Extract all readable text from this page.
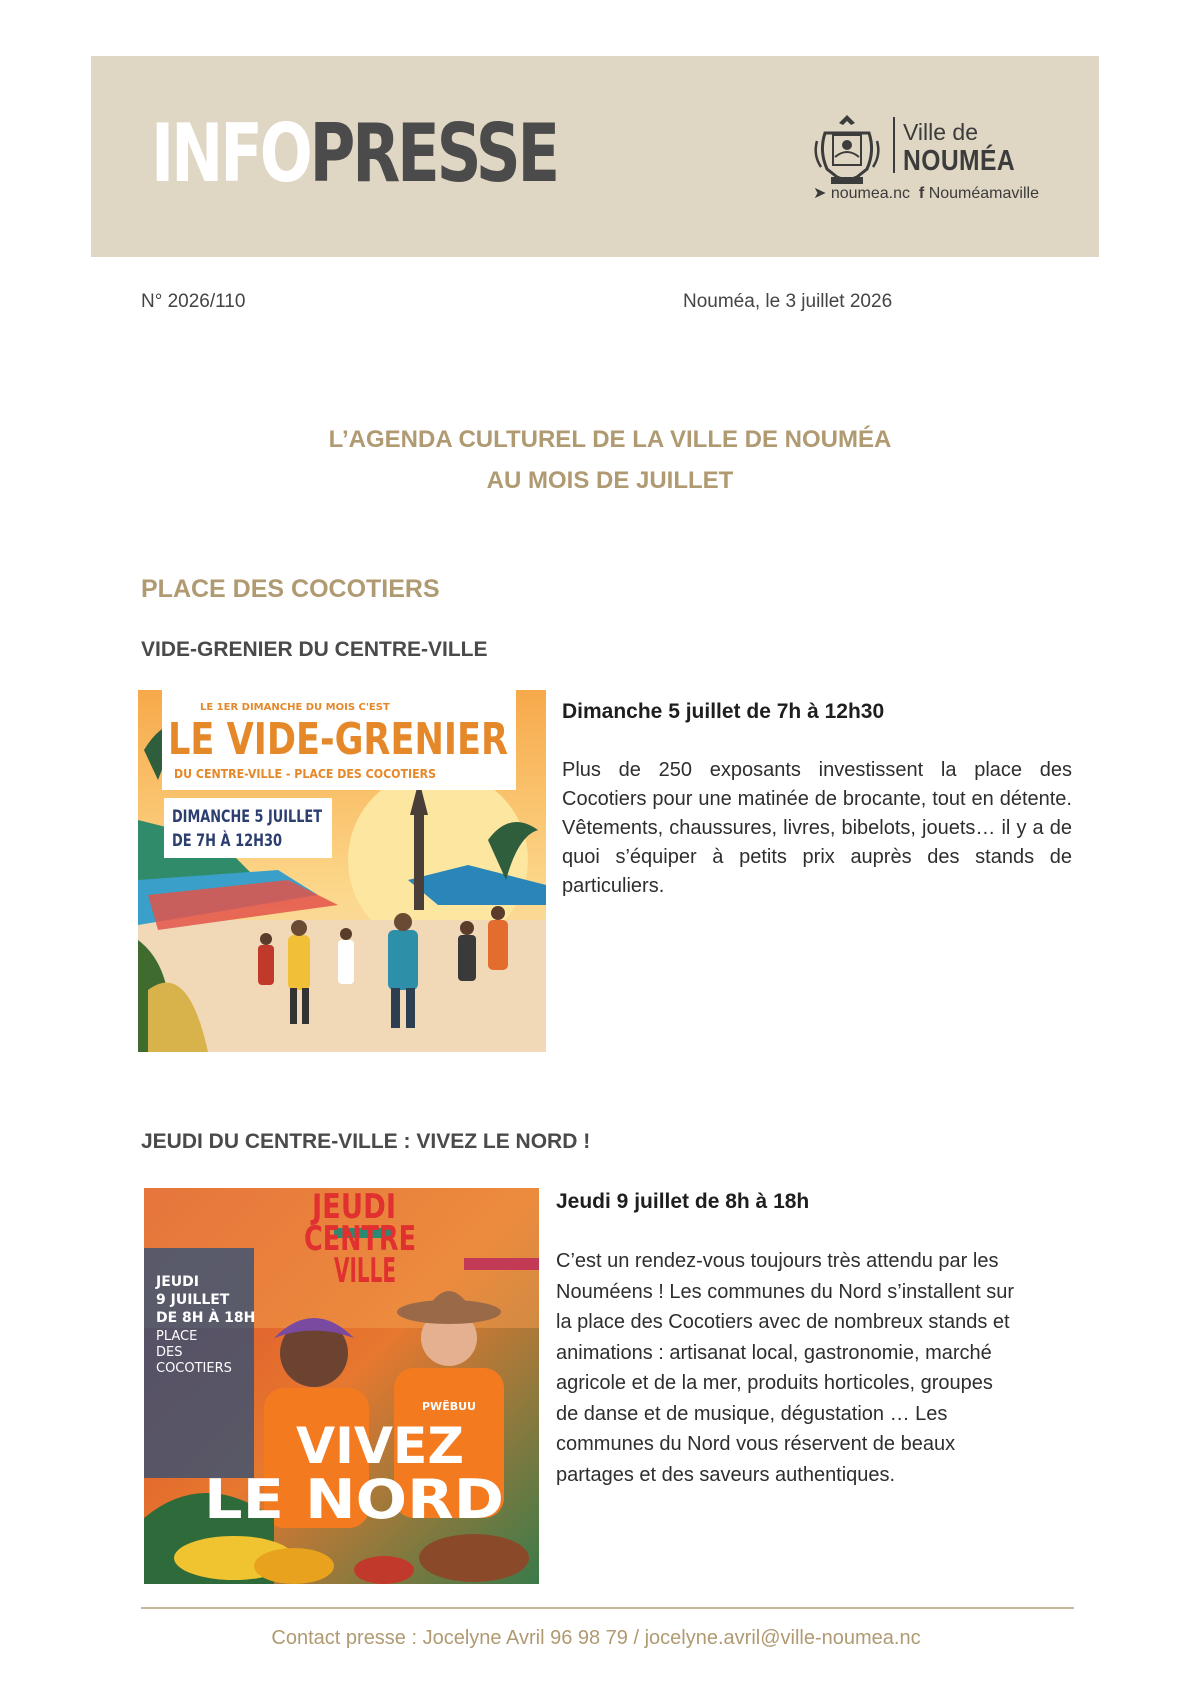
INFOPRESSE	Ville de
NOUMÉA
➤ noumea.nc f Nouméamaville
N° 2026/110	Nouméa, le 3 juillet 2026
L’AGENDA CULTUREL DE LA VILLE DE NOUMÉA
AU MOIS DE JUILLET
PLACE DES COCOTIERS
VIDE-GRENIER DU CENTRE-VILLE
LE 1ER DIMANCHE DU MOIS C'EST
LE VIDE-GRENIER
DU CENTRE-VILLE - PLACE DES COCOTIERS
DIMANCHE 5 JUILLET
DE 7H À 12H30
Dimanche 5 juillet de 7h à 12h30
Plus de 250 exposants investissent la place des Cocotiers pour une matinée de brocante, tout en détente. Vêtements, chaussures, livres, bibelots, jouets… il y a de quoi s’équiper à petits prix auprès des stands de particuliers.
JEUDI DU CENTRE-VILLE : VIVEZ LE NORD !
JEUDI
CENTRE
VILLE
JEUDI
9 JUILLET
DE 8H À 18H
PLACE
DES
COCOTIERS
PWËBUU
VIVEZ
LE NORD
Jeudi 9 juillet de 8h à 18h
C’est un rendez-vous toujours très attendu par les Nouméens ! Les communes du Nord s’installent sur la place des Cocotiers avec de nombreux stands et animations : artisanat local, gastronomie, marché agricole et de la mer, produits horticoles, groupes de danse et de musique, dégustation … Les communes du Nord vous réservent de beaux partages et des saveurs authentiques.
Contact presse : Jocelyne Avril 96 98 79 / jocelyne.avril@ville-noumea.nc
